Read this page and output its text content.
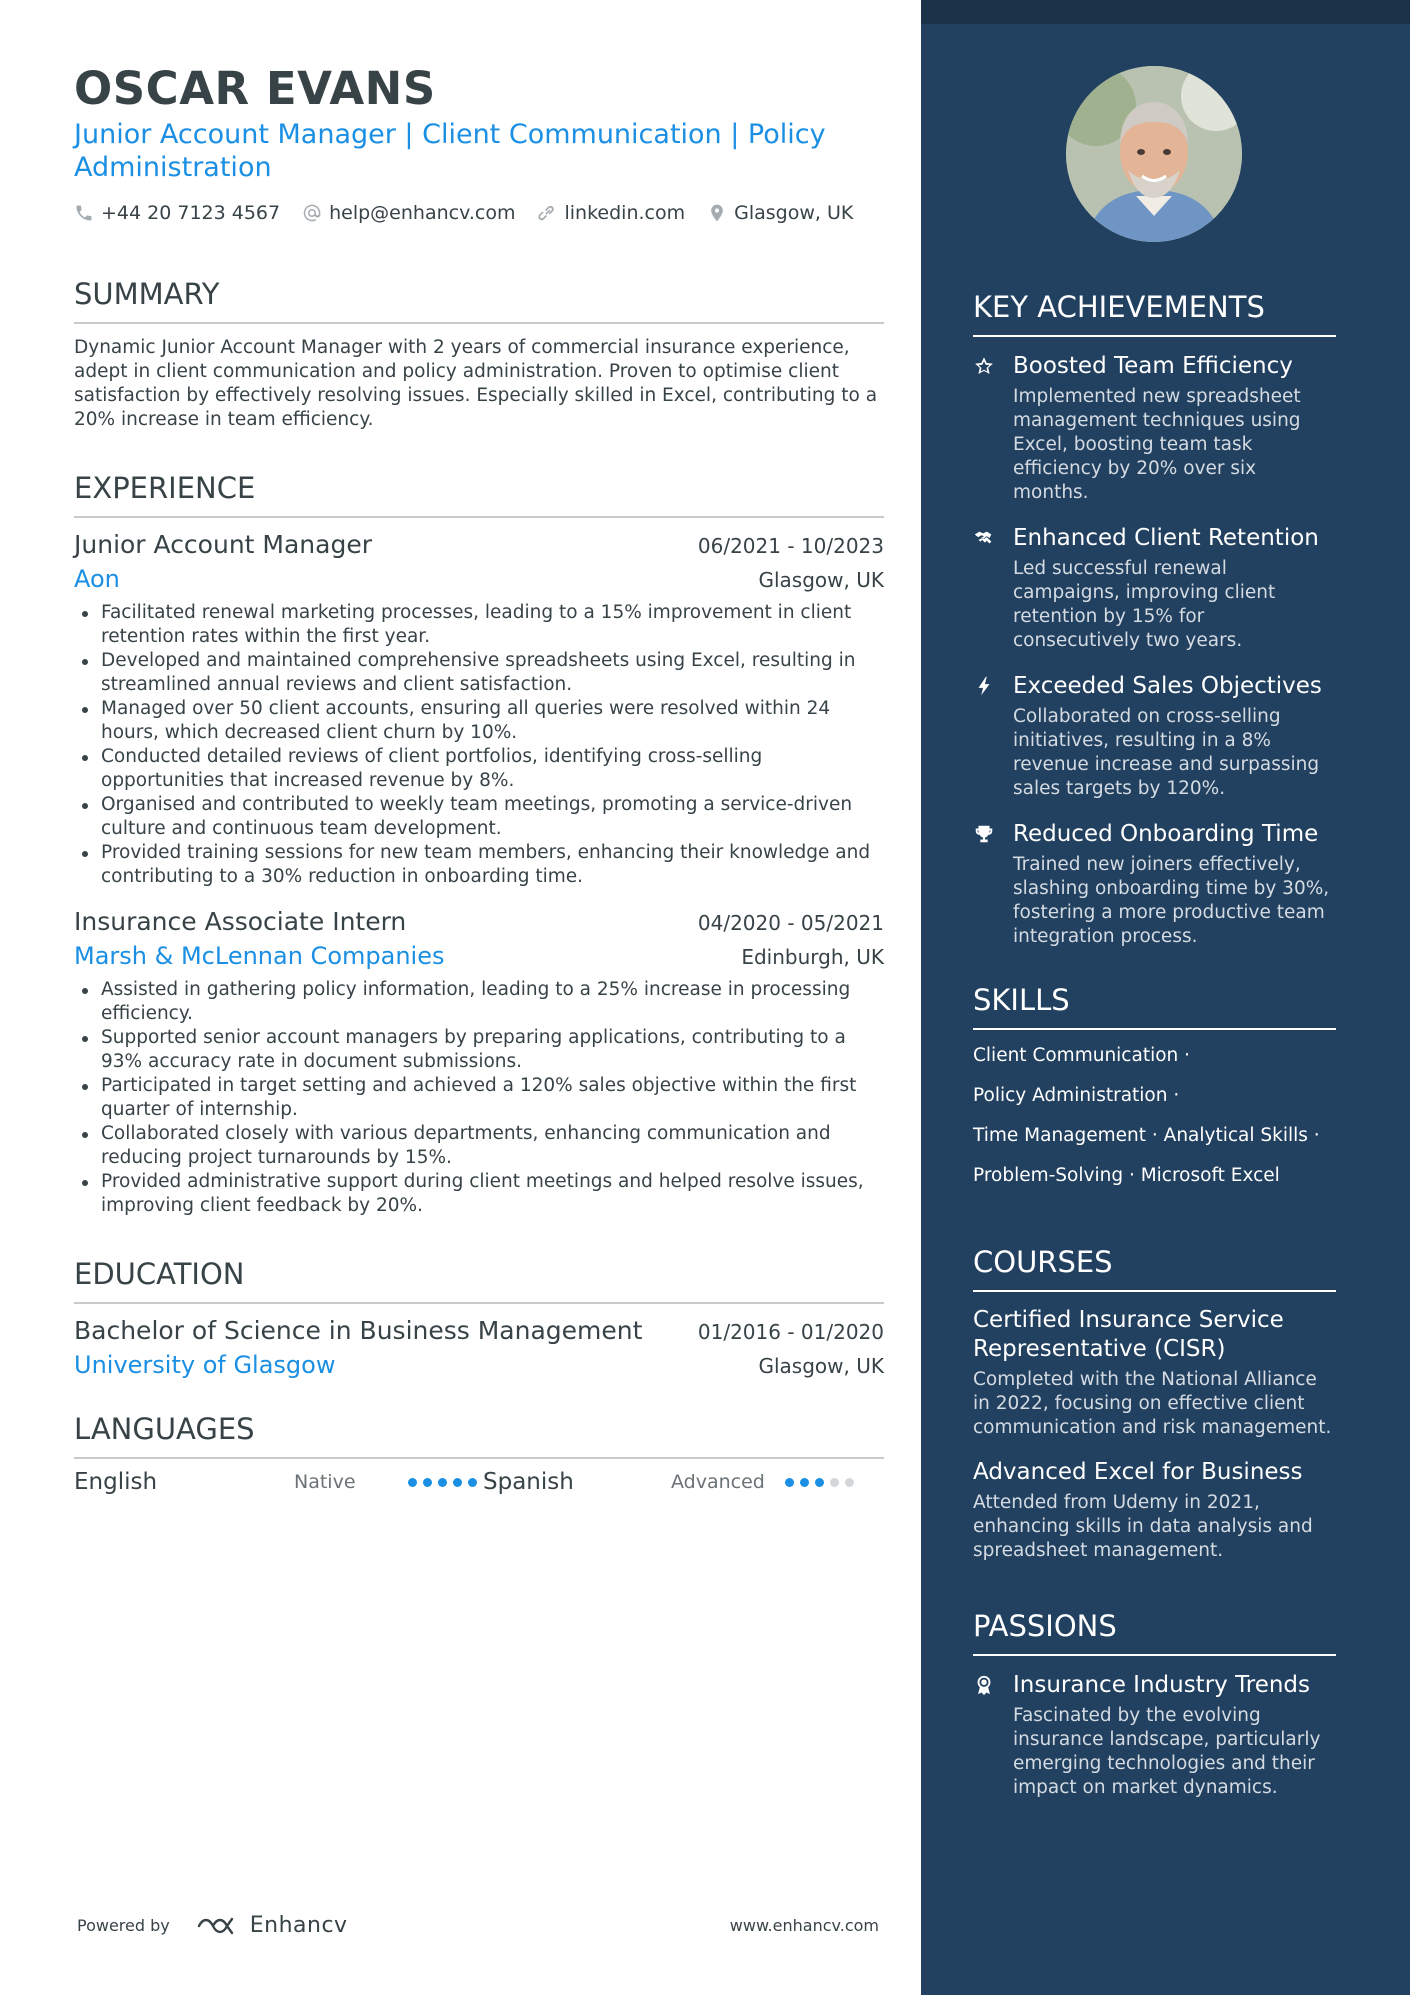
OSCAR EVANS
Junior Account Manager | Client Communication | Policy Administration
+44 20 7123 4567	help@enhancv.com	linkedin.com	Glasgow, UK
SUMMARY
Dynamic Junior Account Manager with 2 years of commercial insurance experience, adept in client communication and policy administration. Proven to optimise client satisfaction by effectively resolving issues. Especially skilled in Excel, contributing to a 20% increase in team efficiency.
EXPERIENCE
Junior Account Manager	06/2021 - 10/2023
Aon	Glasgow, UK
Facilitated renewal marketing processes, leading to a 15% improvement in client retention rates within the first year.
Developed and maintained comprehensive spreadsheets using Excel, resulting in streamlined annual reviews and client satisfaction.
Managed over 50 client accounts, ensuring all queries were resolved within 24 hours, which decreased client churn by 10%.
Conducted detailed reviews of client portfolios, identifying cross-selling opportunities that increased revenue by 8%.
Organised and contributed to weekly team meetings, promoting a service-driven culture and continuous team development.
Provided training sessions for new team members, enhancing their knowledge and contributing to a 30% reduction in onboarding time.
Insurance Associate Intern	04/2020 - 05/2021
Marsh & McLennan Companies	Edinburgh, UK
Assisted in gathering policy information, leading to a 25% increase in processing efficiency.
Supported senior account managers by preparing applications, contributing to a 93% accuracy rate in document submissions.
Participated in target setting and achieved a 120% sales objective within the first quarter of internship.
Collaborated closely with various departments, enhancing communication and reducing project turnarounds by 15%.
Provided administrative support during client meetings and helped resolve issues, improving client feedback by 20%.
EDUCATION
Bachelor of Science in Business Management	01/2016 - 01/2020
University of Glasgow	Glasgow, UK
LANGUAGES
English	Native	Spanish	Advanced
Powered by	Enhancv	www.enhancv.com
KEY ACHIEVEMENTS
Boosted Team Efficiency
Implemented new spreadsheet management techniques using Excel, boosting team task efficiency by 20% over six months.
Enhanced Client Retention
Led successful renewal campaigns, improving client retention by 15% for consecutively two years.
Exceeded Sales Objectives
Collaborated on cross-selling initiatives, resulting in a 8% revenue increase and surpassing sales targets by 120%.
Reduced Onboarding Time
Trained new joiners effectively, slashing onboarding time by 30%, fostering a more productive team integration process.
SKILLS
Client Communication ·
Policy Administration ·
Time Management · Analytical Skills ·
Problem-Solving · Microsoft Excel
COURSES
Certified Insurance Service Representative (CISR)
Completed with the National Alliance in 2022, focusing on effective client communication and risk management.
Advanced Excel for Business
Attended from Udemy in 2021, enhancing skills in data analysis and spreadsheet management.
PASSIONS
Insurance Industry Trends
Fascinated by the evolving insurance landscape, particularly emerging technologies and their impact on market dynamics.
